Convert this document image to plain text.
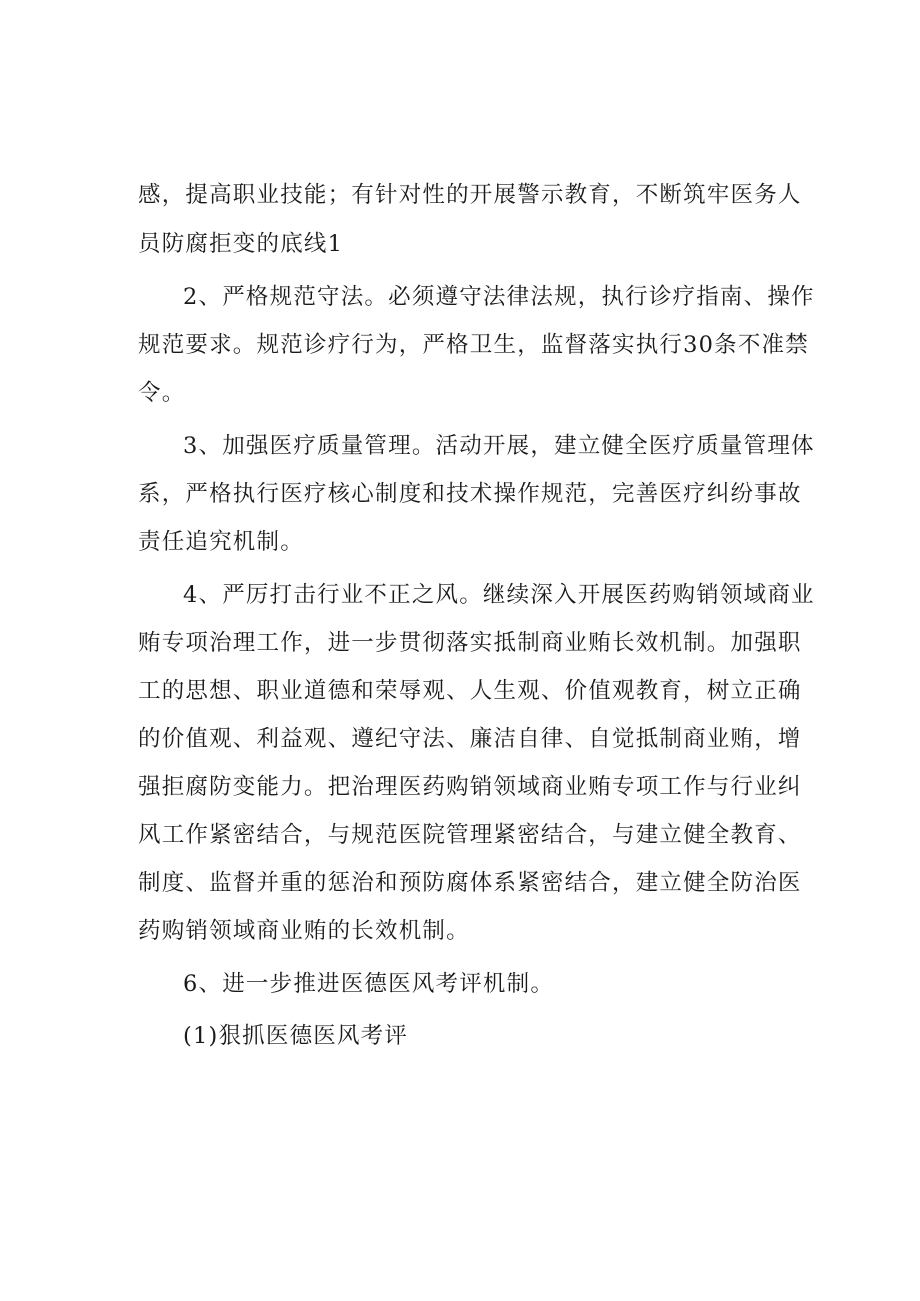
感，提高职业技能；有针对性的开展警示教育，不断筑牢医务人
员防腐拒变的底线1
2、严格规范守法。必须遵守法律法规，执行诊疗指南、操作
规范要求。规范诊疗行为，严格卫生，监督落实执行30条不准禁
令。
3、加强医疗质量管理。活动开展，建立健全医疗质量管理体
系，严格执行医疗核心制度和技术操作规范，完善医疗纠纷事故
责任追究机制。
4、严厉打击行业不正之风。继续深入开展医药购销领域商业
贿专项治理工作，进一步贯彻落实抵制商业贿长效机制。加强职
工的思想、职业道德和荣辱观、人生观、价值观教育，树立正确
的价值观、利益观、遵纪守法、廉洁自律、自觉抵制商业贿，增
强拒腐防变能力。把治理医药购销领域商业贿专项工作与行业纠
风工作紧密结合，与规范医院管理紧密结合，与建立健全教育、
制度、监督并重的惩治和预防腐体系紧密结合，建立健全防治医
药购销领域商业贿的长效机制。
6、进一步推进医德医风考评机制。
(1)狠抓医德医风考评
